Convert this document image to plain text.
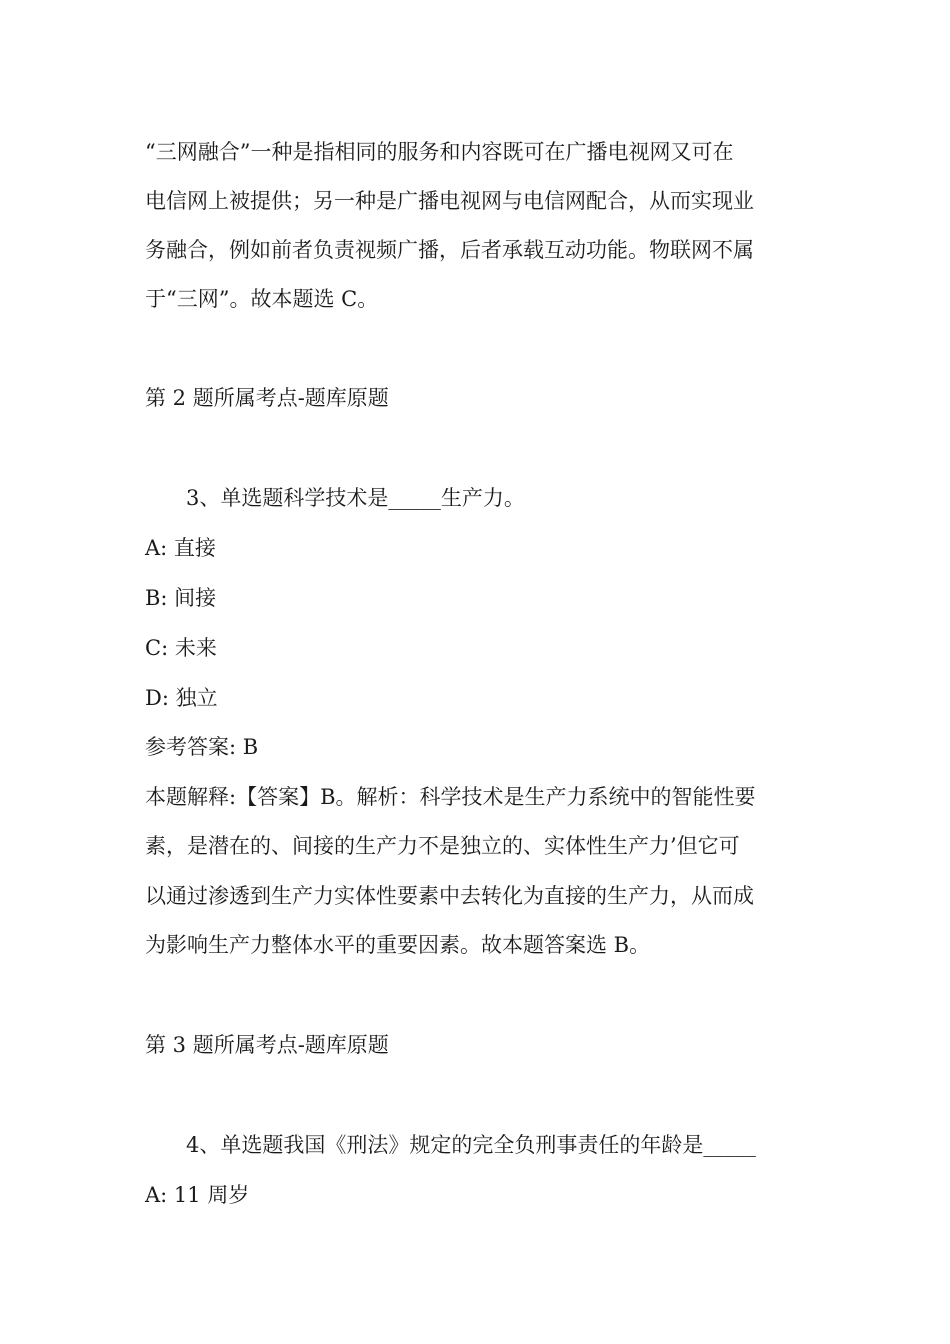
“三网融合”一种是指相同的服务和内容既可在广播电视网又可在
电信网上被提供；另一种是广播电视网与电信网配合，从而实现业
务融合，例如前者负责视频广播，后者承载互动功能。物联网不属
于“三网”。故本题选 C。
第 2 题所属考点-题库原题
3、单选题科学技术是_____生产力。
A: 直接
B: 间接
C: 未来
D: 独立
参考答案: B
本题解释:【答案】B。解析：科学技术是生产力系统中的智能性要
素，是潜在的、间接的生产力不是独立的、实体性生产力’但它可
以通过渗透到生产力实体性要素中去转化为直接的生产力，从而成
为影响生产力整体水平的重要因素。故本题答案选 B。
第 3 题所属考点-题库原题
4、单选题我国《刑法》规定的完全负刑事责任的年龄是_____
A: 11 周岁
